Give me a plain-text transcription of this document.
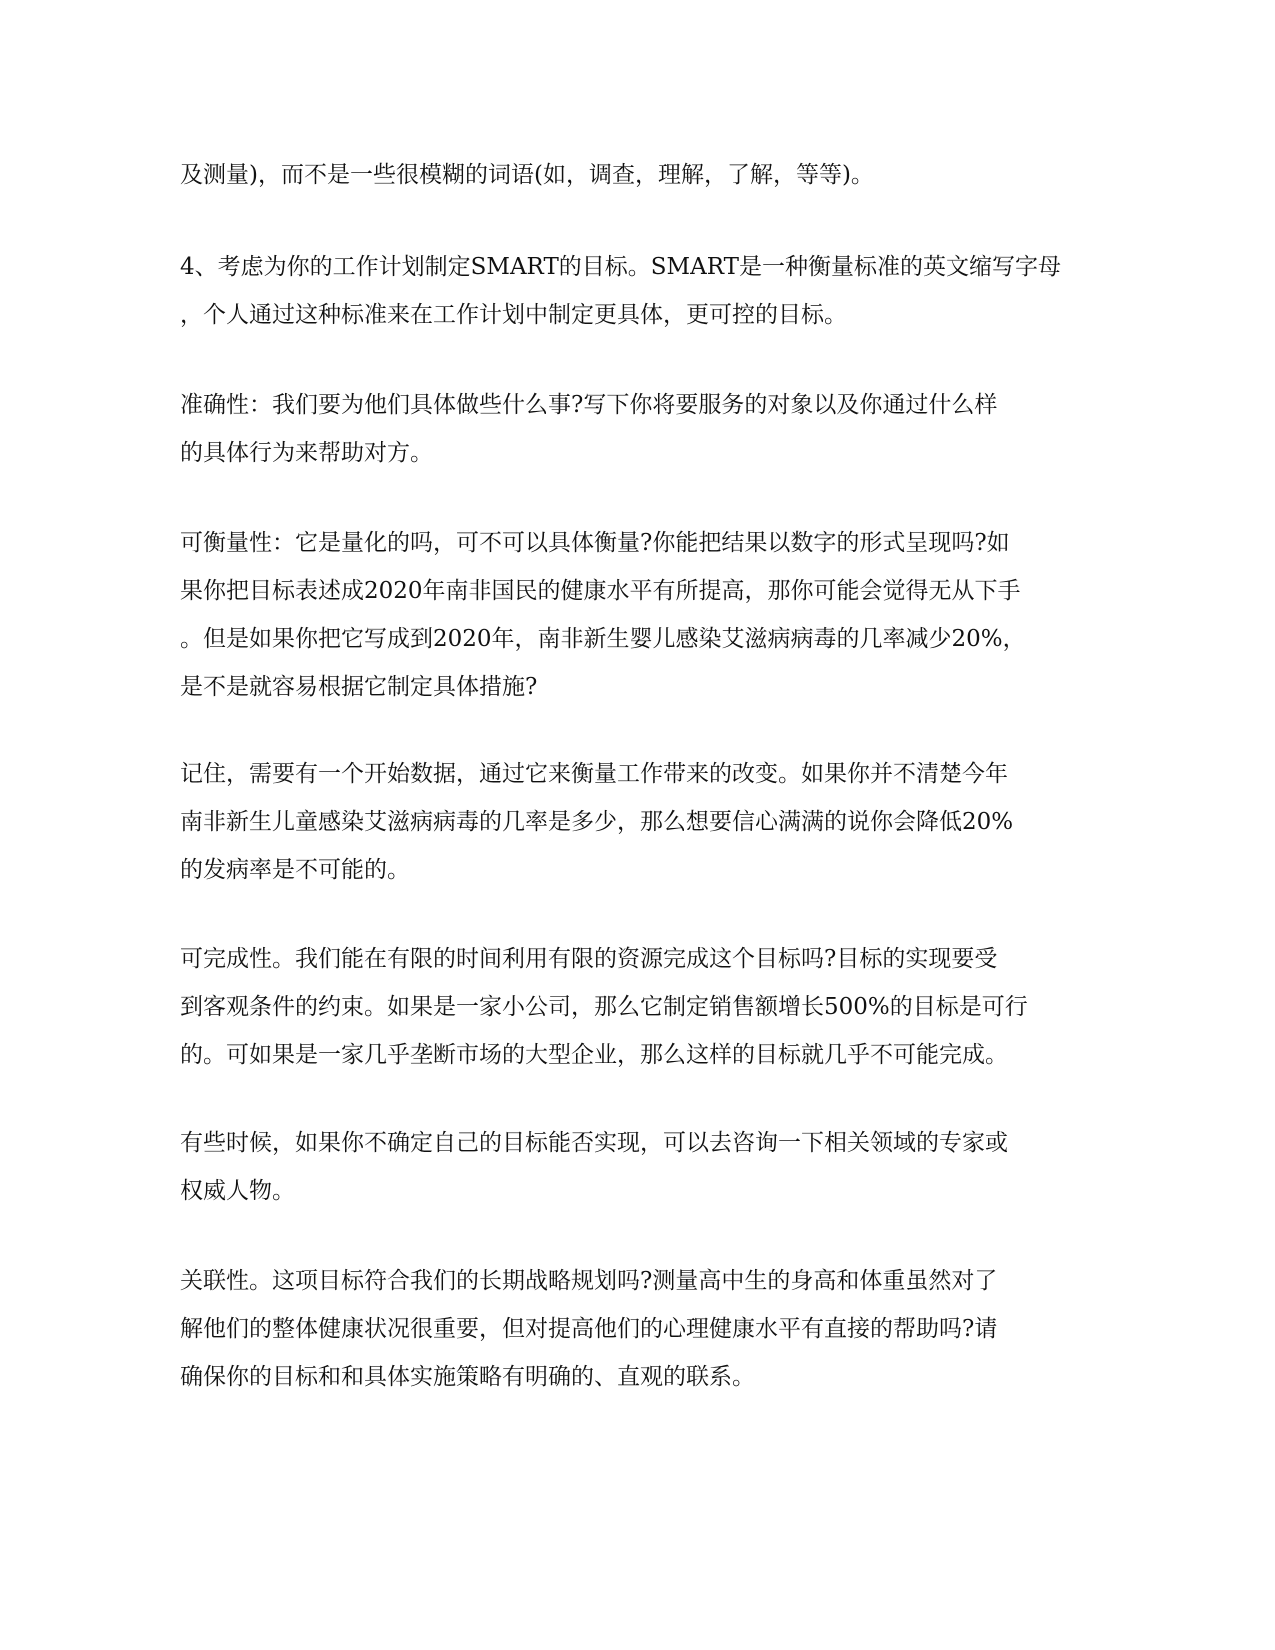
及测量)，而不是一些很模糊的词语(如，调查，理解，了解，等等)。
4、考虑为你的工作计划制定SMART的目标。SMART是一种衡量标准的英文缩写字母
，个人通过这种标准来在工作计划中制定更具体，更可控的目标。
准确性：我们要为他们具体做些什么事?写下你将要服务的对象以及你通过什么样
的具体行为来帮助对方。
可衡量性：它是量化的吗，可不可以具体衡量?你能把结果以数字的形式呈现吗?如
果你把目标表述成2020年南非国民的健康水平有所提高，那你可能会觉得无从下手
。但是如果你把它写成到2020年，南非新生婴儿感染艾滋病病毒的几率减少20%，
是不是就容易根据它制定具体措施?
记住，需要有一个开始数据，通过它来衡量工作带来的改变。如果你并不清楚今年
南非新生儿童感染艾滋病病毒的几率是多少，那么想要信心满满的说你会降低20%
的发病率是不可能的。
可完成性。我们能在有限的时间利用有限的资源完成这个目标吗?目标的实现要受
到客观条件的约束。如果是一家小公司，那么它制定销售额增长500%的目标是可行
的。可如果是一家几乎垄断市场的大型企业，那么这样的目标就几乎不可能完成。
有些时候，如果你不确定自己的目标能否实现，可以去咨询一下相关领域的专家或
权威人物。
关联性。这项目标符合我们的长期战略规划吗?测量高中生的身高和体重虽然对了
解他们的整体健康状况很重要，但对提高他们的心理健康水平有直接的帮助吗?请
确保你的目标和和具体实施策略有明确的、直观的联系。
